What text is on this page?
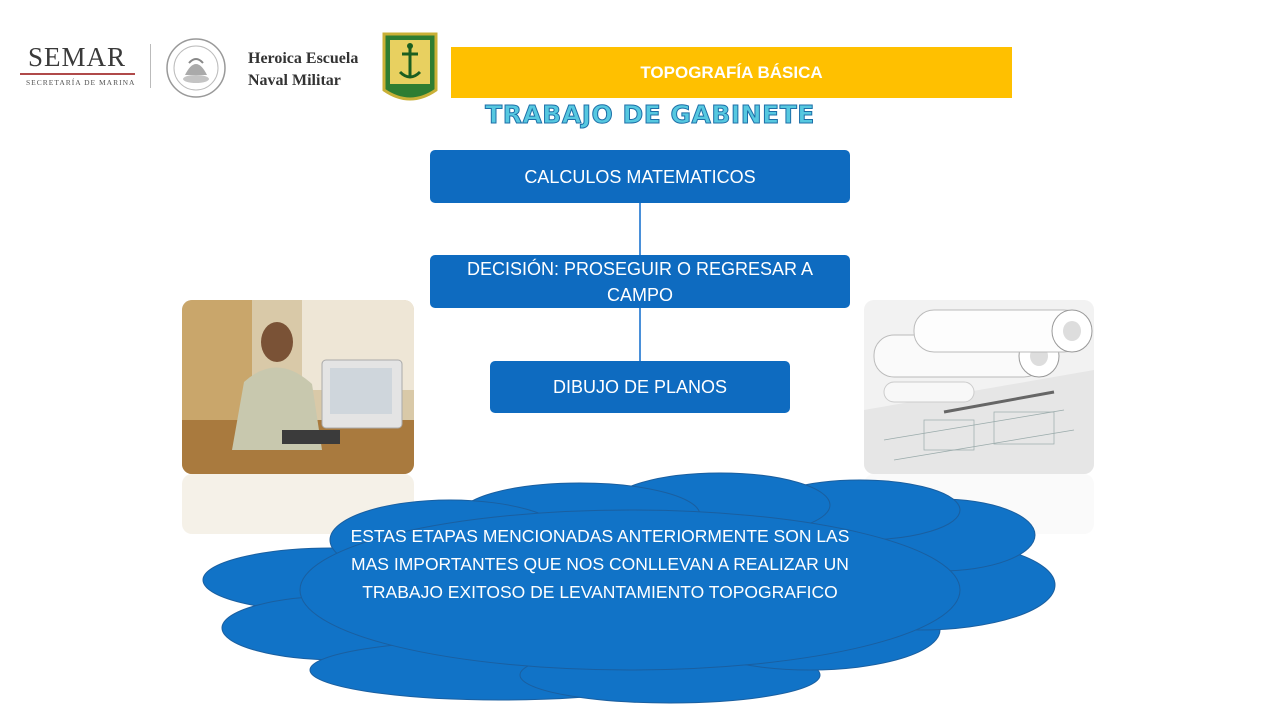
SEMAR
SECRETARÍA DE MARINA
Heroica Escuela
Naval Militar	TOPOGRAFÍA BÁSICA
TRABAJO DE GABINETE
CALCULOS MATEMATICOS
DECISIÓN: PROSEGUIR O REGRESAR A CAMPO
DIBUJO DE PLANOS
ESTAS ETAPAS MENCIONADAS ANTERIORMENTE SON LAS MAS IMPORTANTES QUE NOS CONLLEVAN A REALIZAR UN TRABAJO EXITOSO DE LEVANTAMIENTO TOPOGRAFICO
